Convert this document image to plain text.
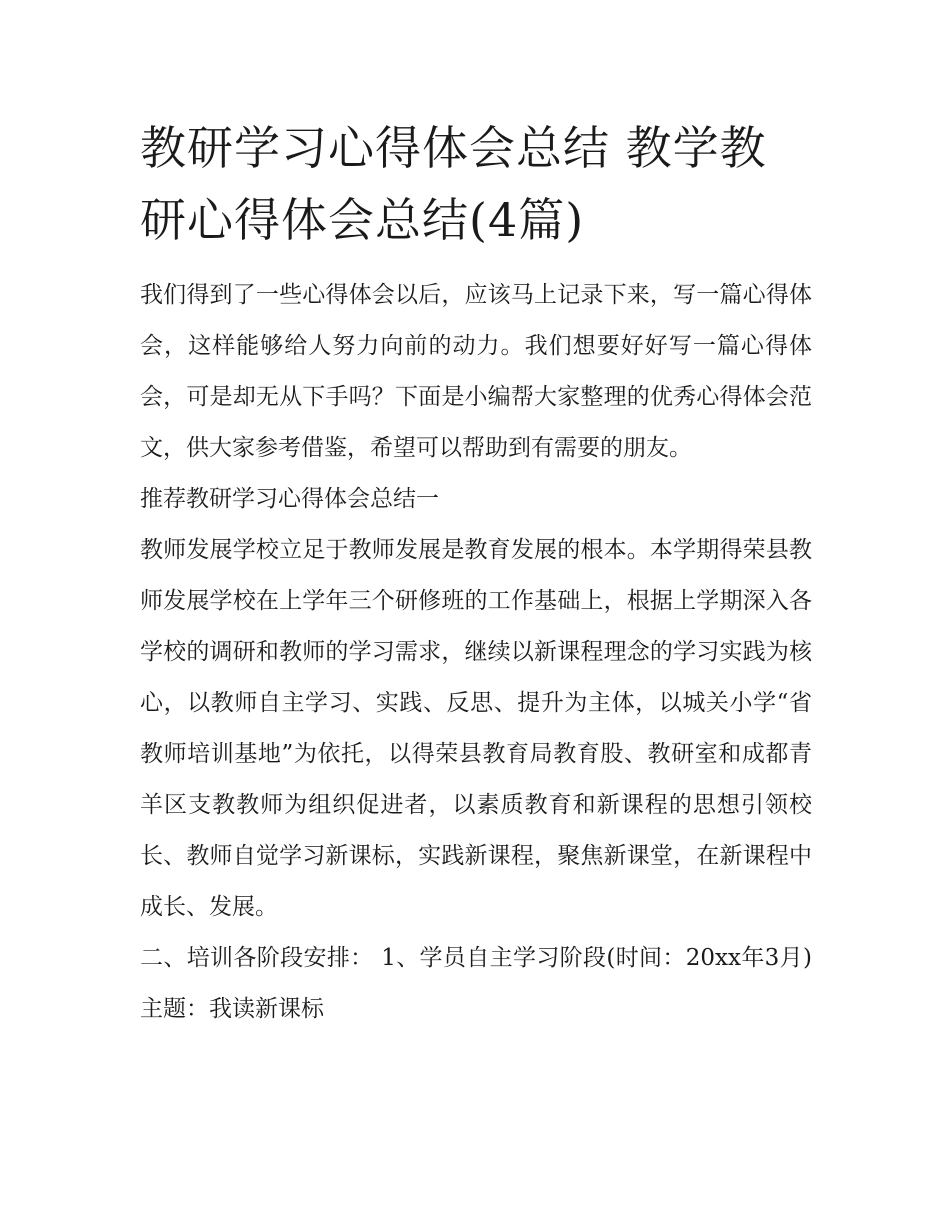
教研学习心得体会总结 教学教研心得体会总结(4篇)

我们得到了一些心得体会以后，应该马上记录下来，写一篇心得体会，这样能够给人努力向前的动力。我们想要好好写一篇心得体会，可是却无从下手吗？下面是小编帮大家整理的优秀心得体会范文，供大家参考借鉴，希望可以帮助到有需要的朋友。

推荐教研学习心得体会总结一

教师发展学校立足于教师发展是教育发展的根本。本学期得荣县教师发展学校在上学年三个研修班的工作基础上，根据上学期深入各学校的调研和教师的学习需求，继续以新课程理念的学习实践为核心，以教师自主学习、实践、反思、提升为主体，以城关小学“省教师培训基地”为依托，以得荣县教育局教育股、教研室和成都青羊区支教教师为组织促进者，以素质教育和新课程的思想引领校长、教师自觉学习新课标，实践新课程，聚焦新课堂，在新课程中成长、发展。

二、培训各阶段安排： 1、学员自主学习阶段(时间：20xx年3月) 主题：我读新课标
